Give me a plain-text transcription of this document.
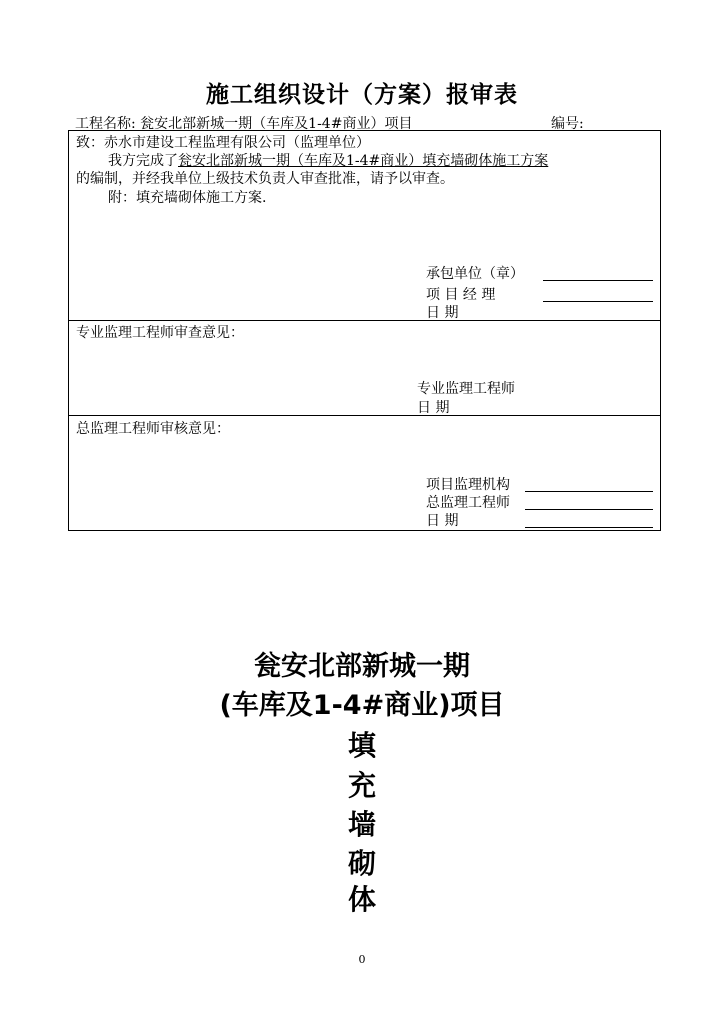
施工组织设计（方案）报审表
工程名称: 瓮安北部新城一期（车库及1-4#商业）项目	编号:
致：赤水市建设工程监理有限公司（监理单位）
我方完成了瓮安北部新城一期（车库及1-4#商业）填充墙砌体施工方案
的编制，并经我单位上级技术负责人审查批准，请予以审查。
附：填充墙砌体施工方案.
承包单位（章）
项 目 经 理
日 期
专业监理工程师审查意见：
专业监理工程师
日 期
总监理工程师审核意见：
项目监理机构
总监理工程师
日 期
瓮安北部新城一期
(车库及1-4#商业)项目
填
充
墙
砌
体
0
